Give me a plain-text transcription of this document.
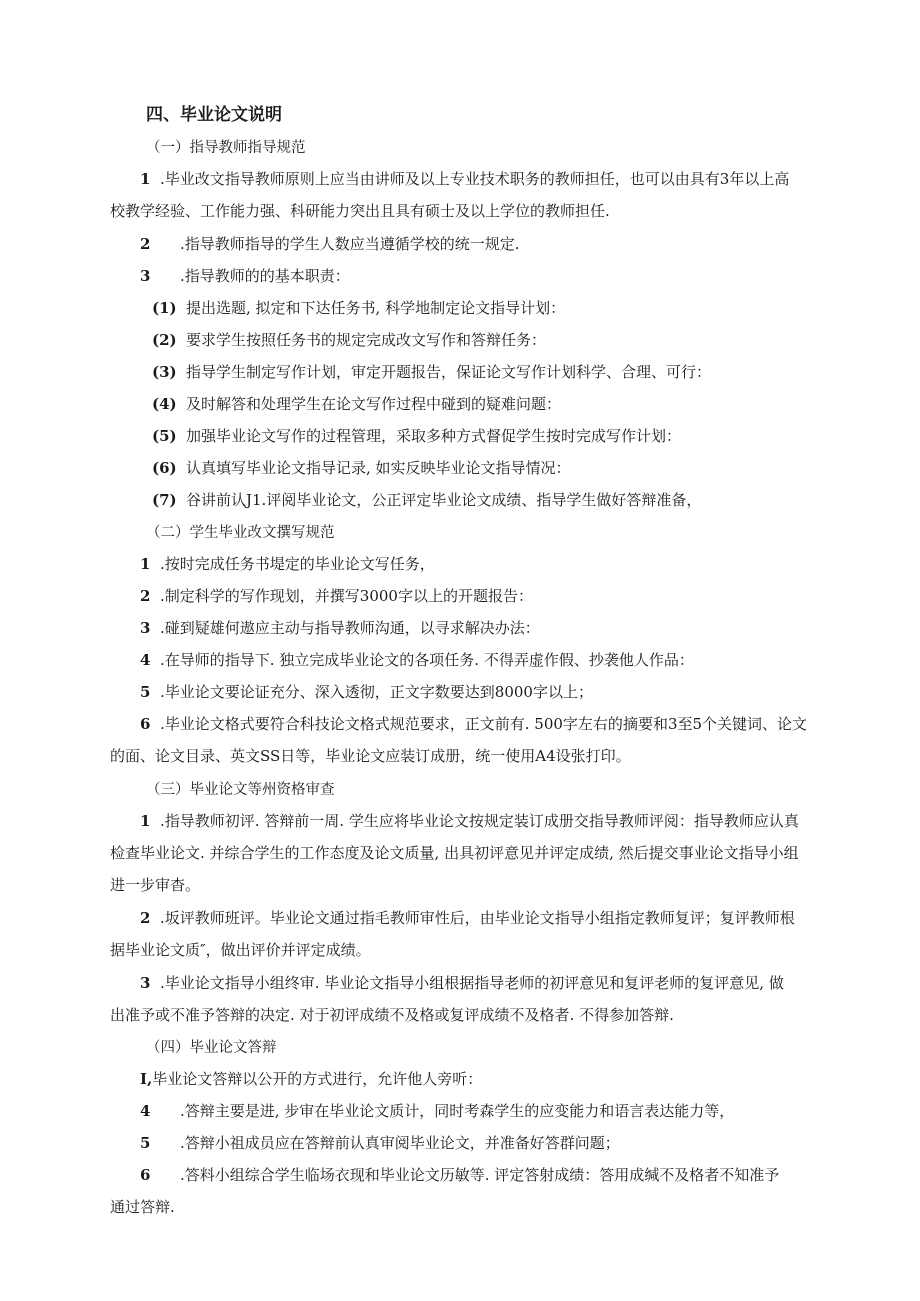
四、毕业论文说明
（一）指导教师指导规范
1 .毕业改文指导教师原则上应当由讲师及以上专业技术职务的教师担任，也可以由具有3年以上高
校教学经验、工作能力强、科研能力突出且具有硕士及以上学位的教师担任.
2 .指导教师指导的学生人数应当遵循学校的统一规定.
3 .指导教师的的基本职责：
(1) 提出选题, 拟定和下达任务书, 科学地制定论文指导计划：
(2) 要求学生按照任务书的规定完成改文写作和答辩任务：
(3) 指导学生制定写作计划，审定开题报告，保证论文写作计划科学、合理、可行：
(4) 及时解答和处理学生在论文写作过程中碰到的疑难问题：
(5) 加强毕业论文写作的过程管理，采取多种方式督促学生按时完成写作计划：
(6) 认真填写毕业论文指导记录, 如实反映毕业论文指导情况：
(7) 谷讲前认J1.评阅毕业论文，公正评定毕业论文成绩、指导学生做好答辩准备，
（二）学生毕业改文撰写规范
1 .按时完成任务书堤定的毕业论文写任务，
2 .制定科学的写作现划，并撰写3000字以上的开题报告：
3 .碰到疑雄何遨应主动与指导教师沟通，以寻求解决办法：
4 .在导师的指导下. 独立完成毕业论文的各项任务. 不得弄虚作假、抄袭他人作品：
5 .毕业论文要论证充分、深入透彻，正文字数要达到8000字以上；
6 .毕业论文格式要符合科技论文格式规范要求，正文前有. 500字左右的摘要和3至5个关键词、论文
的面、论文目录、英文SS日等，毕业论文应装订成册，统一使用A4设张打印。
（三）毕业论文等州资格审查
1 .指导教师初评. 答辩前一周. 学生应将毕业论文按规定装订成册交指导教师评阅：指导教师应认真
检查毕业论文. 并综合学生的工作态度及论文质量, 出具初评意见并评定成绩, 然后提交事业论文指导小组
进一步审杳。
2 .坂评教师班评。毕业论文通过指毛教师审性后，由毕业论文指导小组指定教师复评；复评教师根
据毕业论文质″，做出评价并评定成绩。
3 .毕业论文指导小组终审. 毕业论文指导小组根据指导老师的初评意见和复评老师的复评意见, 做
出准予或不准予答辩的决定. 对于初评成绩不及格或复评成绩不及格者. 不得参加答辩.
（四）毕业论文答辩
I,毕业论文答辩以公开的方式进行，允许他人旁听：
4 .答辩主要是进, 步审在毕业论文质计，同时考森学生的应变能力和语言表达能力等，
5 .答辩小祖成员应在答辩前认真审阅毕业论文，并准备好答群问题；
6 .答料小组综合学生临场衣现和毕业论文历敏等. 评定答射成绩：答用成缄不及格者不知准予
通过答辩.
